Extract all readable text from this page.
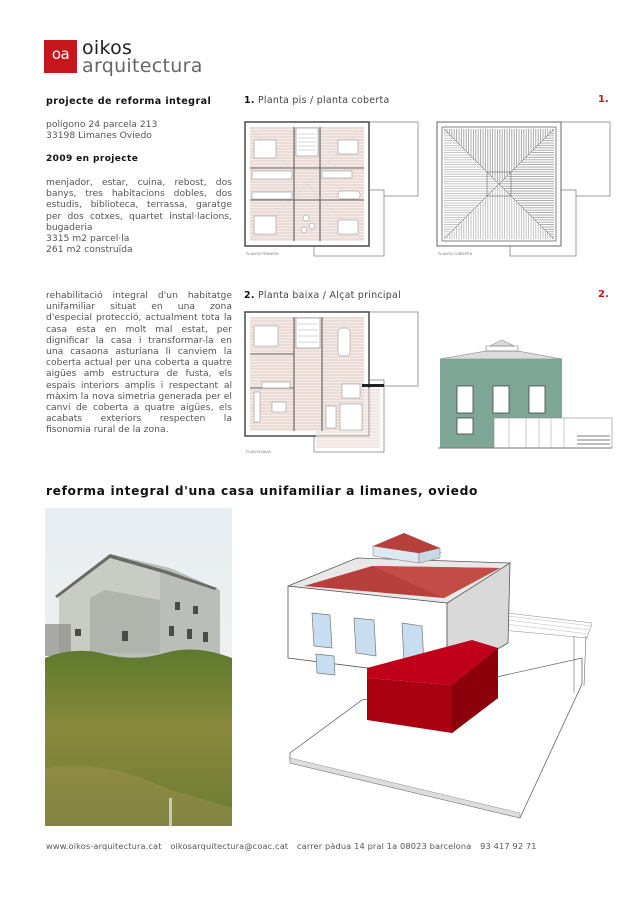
oa oikos
arquitectura
projecte de reforma integral
polígono 24 parcela 213
33198 Limanes Oviedo
2009 en projecte
menjador, estar, cuina, rebost, dos banys, tres habitacions dobles, dos estudis, biblioteca, terrassa, garatge per dos cotxes, quartet instal·lacions, bugaderia
3315 m2 parcel·la
261 m2 construïda
rehabilitació integral d'un habitatge unifamiliar situat en una zona d'especial protecció, actualment tota la casa esta en molt mal estat, per dignificar la casa i transformar-la en una casaona asturiana li canviem la coberta actual per una coberta a quatre aigües amb estructura de fusta, els espais interiors amplis i respectant al màxim la nova simetria generada per el canvi de coberta a quatre aigües, els acabats exteriors respecten la fisonomia rural de la zona.
1. Planta pis / planta coberta	1.
PLANTA PRIMERA	PLANTA CUBIERTA
2. Planta baixa / Alçat principal	2.
PLANTA BAJA
reforma integral d'una casa unifamiliar a limanes, oviedo
www.oikos-arquitectura.cat oikosarquitectura@coac.cat carrer pàdua 14 pral 1a 08023 barcelona 93 417 92 71
